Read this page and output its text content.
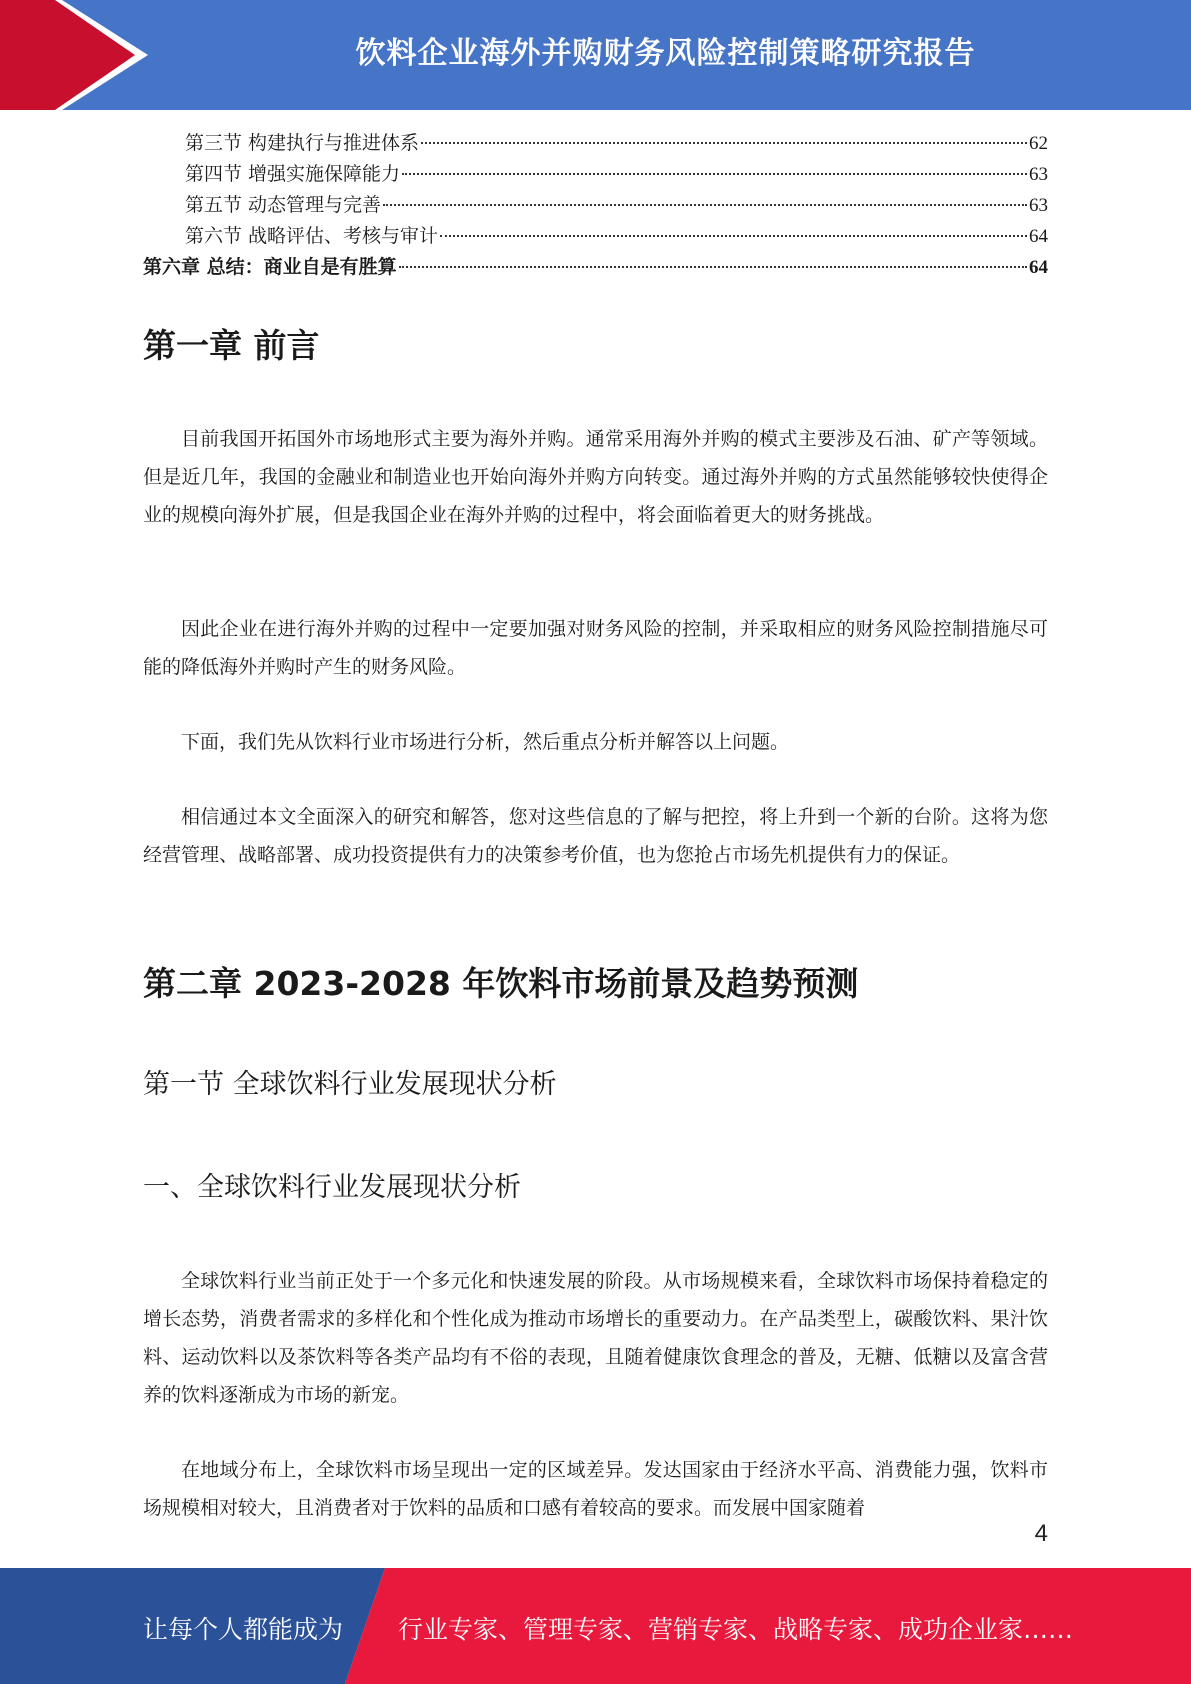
饮料企业海外并购财务风险控制策略研究报告
第三节 构建执行与推进体系	62
第四节 增强实施保障能力	63
第五节 动态管理与完善	63
第六节 战略评估、考核与审计	64
第六章 总结：商业自是有胜算	64
第一章 前言

目前我国开拓国外市场地形式主要为海外并购。通常采用海外并购的模式主要涉及石油、矿产等领域。但是近几年，我国的金融业和制造业也开始向海外并购方向转变。通过海外并购的方式虽然能够较快使得企业的规模向海外扩展，但是我国企业在海外并购的过程中，将会面临着更大的财务挑战。

因此企业在进行海外并购的过程中一定要加强对财务风险的控制，并采取相应的财务风险控制措施尽可能的降低海外并购时产生的财务风险。

下面，我们先从饮料行业市场进行分析，然后重点分析并解答以上问题。

相信通过本文全面深入的研究和解答，您对这些信息的了解与把控，将上升到一个新的台阶。这将为您经营管理、战略部署、成功投资提供有力的决策参考价值，也为您抢占市场先机提供有力的保证。

第二章 2023-2028 年饮料市场前景及趋势预测
第一节 全球饮料行业发展现状分析
一、全球饮料行业发展现状分析

全球饮料行业当前正处于一个多元化和快速发展的阶段。从市场规模来看，全球饮料市场保持着稳定的增长态势，消费者需求的多样化和个性化成为推动市场增长的重要动力。在产品类型上，碳酸饮料、果汁饮料、运动饮料以及茶饮料等各类产品均有不俗的表现，且随着健康饮食理念的普及，无糖、低糖以及富含营养的饮料逐渐成为市场的新宠。

在地域分布上，全球饮料市场呈现出一定的区域差异。发达国家由于经济水平高、消费能力强，饮料市场规模相对较大，且消费者对于饮料的品质和口感有着较高的要求。而发展中国家随着

4
让每个人都能成为 行业专家、管理专家、营销专家、战略专家、成功企业家……
